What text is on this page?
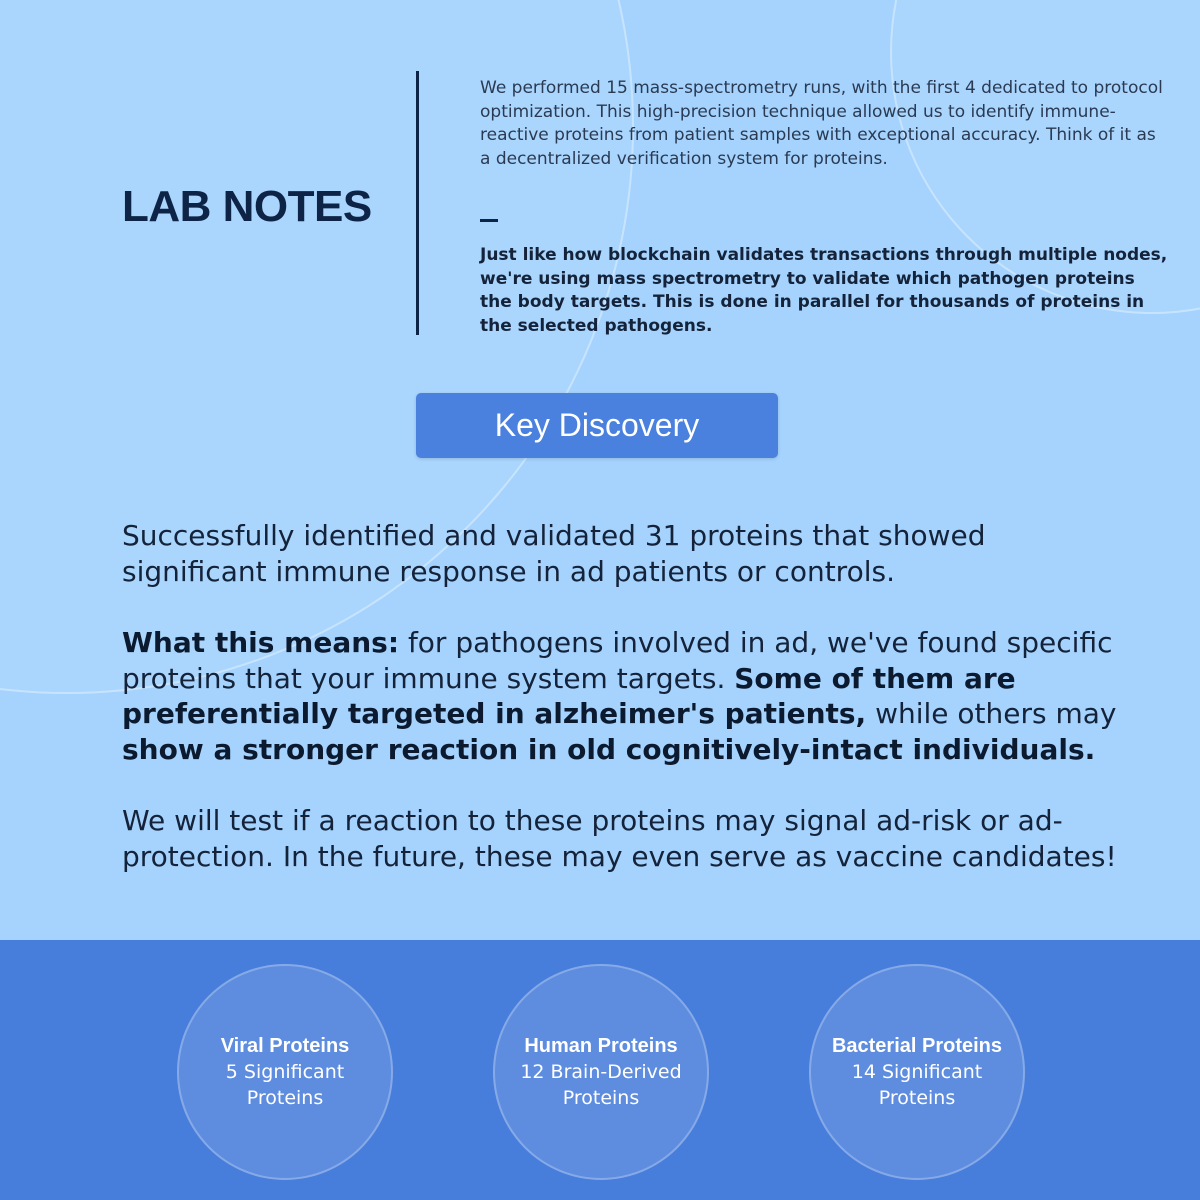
LAB NOTES

We performed 15 mass-spectrometry runs, with the first 4 dedicated to protocol optimization. This high-precision technique allowed us to identify immune-reactive proteins from patient samples with exceptional accuracy. Think of it as a decentralized verification system for proteins.

Just like how blockchain validates transactions through multiple nodes, we're using mass spectrometry to validate which pathogen proteins the body targets. This is done in parallel for thousands of proteins in the selected pathogens.

Key Discovery
Successfully identified and validated 31 proteins that showed
significant immune response in ad patients or controls.
What this means: for pathogens involved in ad, we've found specific proteins that your immune system targets. Some of them are preferentially targeted in alzheimer's patients, while others may show a stronger reaction in old cognitively-intact individuals.
We will test if a reaction to these proteins may signal ad-risk or ad-protection. In the future, these may even serve as vaccine candidates!
Viral Proteins
5 Significant Proteins
Human Proteins
12 Brain-Derived Proteins
Bacterial Proteins
14 Significant Proteins
